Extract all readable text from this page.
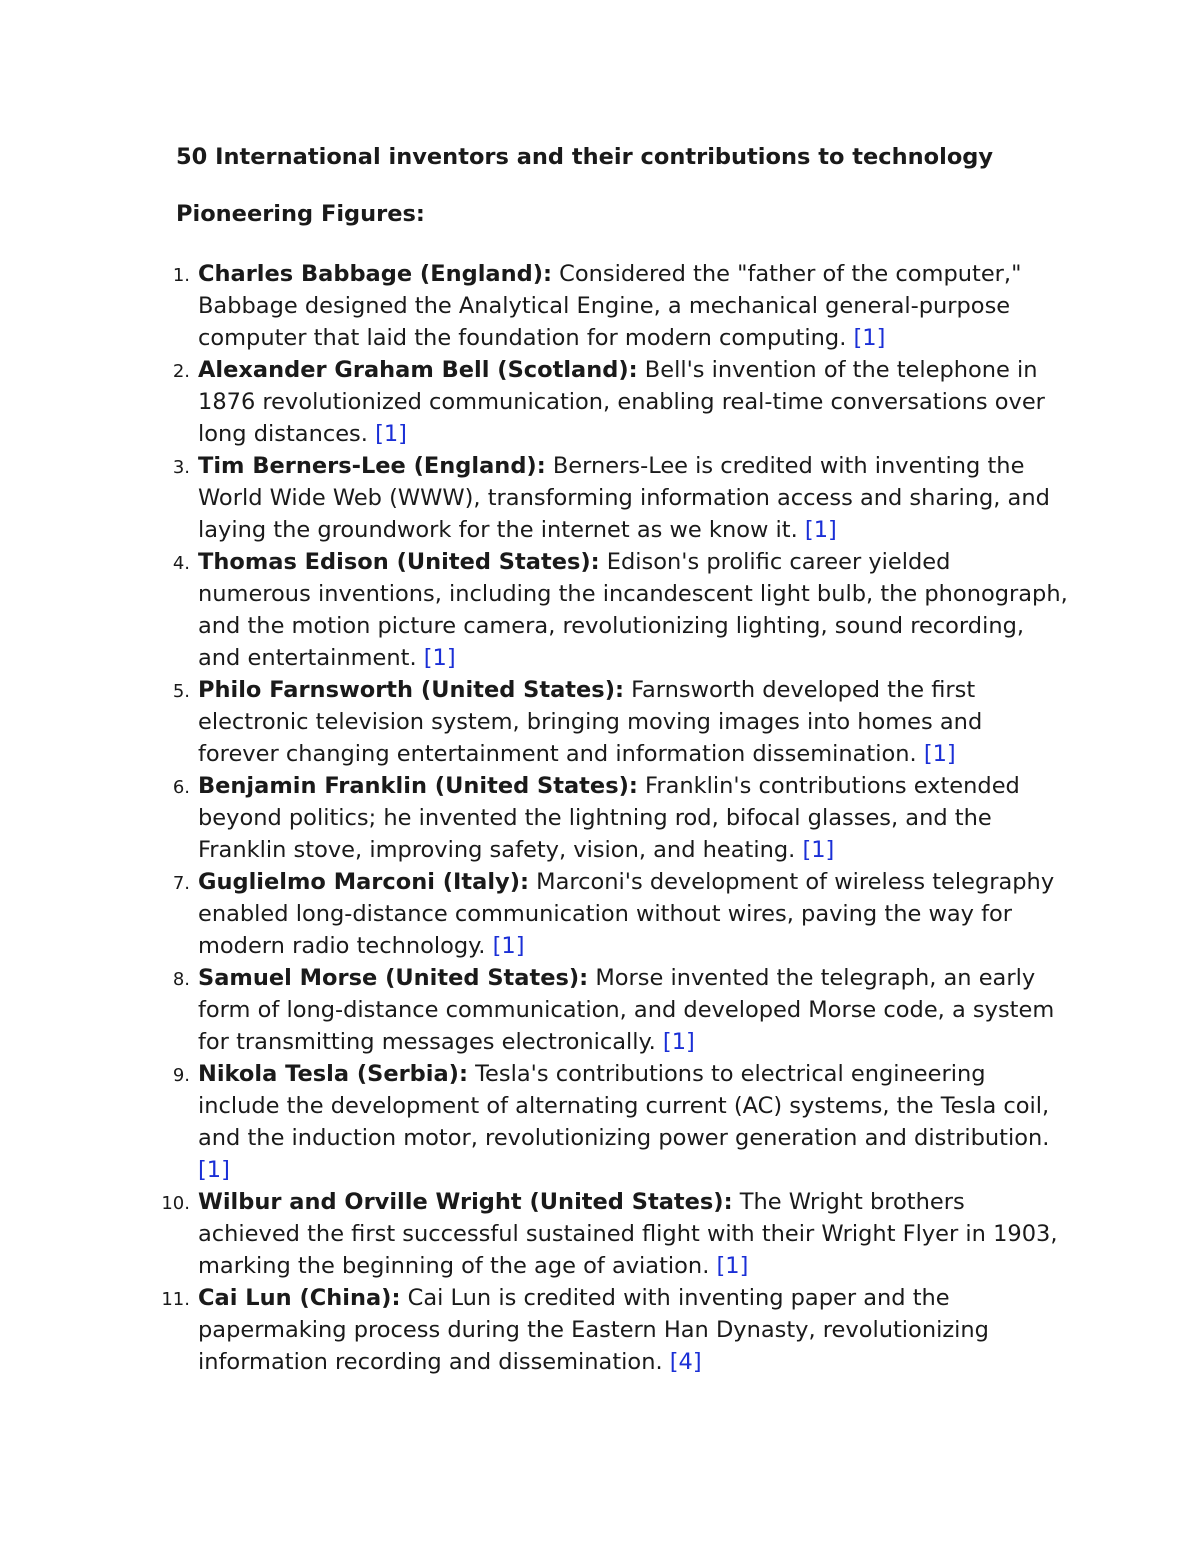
50 International inventors and their contributions to technology
Pioneering Figures:
1. Charles Babbage (England): Considered the "father of the computer," Babbage designed the Analytical Engine, a mechanical general-purpose computer that laid the foundation for modern computing. [1]
2. Alexander Graham Bell (Scotland): Bell's invention of the telephone in 1876 revolutionized communication, enabling real-time conversations over long distances. [1]
3. Tim Berners-Lee (England): Berners-Lee is credited with inventing the World Wide Web (WWW), transforming information access and sharing, and laying the groundwork for the internet as we know it. [1]
4. Thomas Edison (United States): Edison's prolific career yielded numerous inventions, including the incandescent light bulb, the phonograph, and the motion picture camera, revolutionizing lighting, sound recording, and entertainment. [1]
5. Philo Farnsworth (United States): Farnsworth developed the first electronic television system, bringing moving images into homes and forever changing entertainment and information dissemination. [1]
6. Benjamin Franklin (United States): Franklin's contributions extended beyond politics; he invented the lightning rod, bifocal glasses, and the Franklin stove, improving safety, vision, and heating. [1]
7. Guglielmo Marconi (Italy): Marconi's development of wireless telegraphy enabled long-distance communication without wires, paving the way for modern radio technology. [1]
8. Samuel Morse (United States): Morse invented the telegraph, an early form of long-distance communication, and developed Morse code, a system for transmitting messages electronically. [1]
9. Nikola Tesla (Serbia): Tesla's contributions to electrical engineering include the development of alternating current (AC) systems, the Tesla coil, and the induction motor, revolutionizing power generation and distribution. [1]
10. Wilbur and Orville Wright (United States): The Wright brothers achieved the first successful sustained flight with their Wright Flyer in 1903, marking the beginning of the age of aviation. [1]
11. Cai Lun (China): Cai Lun is credited with inventing paper and the papermaking process during the Eastern Han Dynasty, revolutionizing information recording and dissemination. [4]
